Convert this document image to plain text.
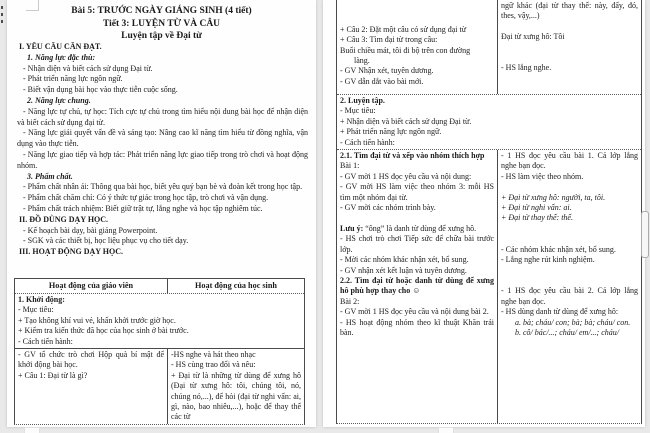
Bài 5: TRƯỚC NGÀY GIÁNG SINH (4 tiết)
Tiết 3: LUYỆN TỪ VÀ CÂU
Luyện tập về Đại từ
I. YÊU CẦU CẦN ĐẠT.
1. Năng lực đặc thù:
- Nhận diện và biết cách sử dụng Đại từ.
- Phát triển năng lực ngôn ngữ.
- Biết vận dụng bài học vào thực tiễn cuộc sống.
2. Năng lực chung.
- Năng lực tự chủ, tự học: Tích cực tự chủ trong tìm hiểu nội dung bài học để nhận diện và biết cách sử dụng đại từ.
- Năng lực giải quyết vấn đề và sáng tạo: Nâng cao kĩ năng tìm hiểu từ đồng nghĩa, vận dụng vào thực tiễn.
- Năng lực giao tiếp và hợp tác: Phát triển năng lực giao tiếp trong trò chơi và hoạt động nhóm.
3. Phẩm chất.
- Phẩm chất nhân ái: Thông qua bài học, biết yêu quý bạn bè và đoàn kết trong học tập.
- Phẩm chất chăm chỉ: Có ý thức tự giác trong học tập, trò chơi và vận dụng.
- Phẩm chất trách nhiệm: Biết giữ trật tự, lắng nghe và học tập nghiêm túc.
II. ĐỒ DÙNG DẠY HỌC.
- Kế hoạch bài dạy, bài giảng Powerpoint.
- SGK và các thiết bị, học liệu phục vụ cho tiết dạy.
III. HOẠT ĐỘNG DẠY HỌC.
Hoạt động của giáo viên	Hoạt động của học sinh
1. Khởi động:
- Mục tiêu:
+ Tạo không khí vui vẻ, khấn khởi trước giờ học.
+ Kiểm tra kiến thức đã học của học sinh ở bài trước.
- Cách tiến hành:
- GV tổ chức trò chơi Hộp quà bí mật để khởi động bài học.
+ Câu 1: Đại từ là gì?
-HS nghe và hát theo nhạc
- HS cùng trao đổi và nêu:
+ Đại từ là những từ dùng để xưng hô (Đại từ xưng hô: tôi, chúng tôi, nó, chúng nó,...), để hỏi (đại từ nghi vấn: ai, gì, nào, bao nhiêu,...), hoặc để thay thế các từ

+ Câu 2: Đặt một câu có sử dụng đại từ
+ Câu 3: Tìm đại từ trong câu:
Buổi chiều mát, tôi đi bộ trên con đường
làng.
- GV Nhận xét, tuyên dương.
- GV dẫn dắt vào bài mới.
ngữ khác (đại từ thay thế: này, đấy, đó, thes, vậy,...)

Đại từ xưng hô: Tôi

- HS lắng nghe.
2. Luyện tập.
- Mục tiêu:
+ Nhận diện và biết cách sử dụng Đại từ.
+ Phát triển năng lực ngôn ngữ.
- Cách tiến hành:
2.1. Tìm đại từ và xếp vào nhóm thích hợp
Bài 1:
- GV mời 1 HS đọc yêu cầu và nội dung:
- GV mời HS làm việc theo nhóm 3: mỗi HS tìm một nhóm đại từ.
- GV mời các nhóm trình bày.

Lưu ý: “ông” là danh từ dùng để xưng hô.
- HS chơi trò chơi Tiếp sức để chữa bài trước lớp.
- Mời các nhóm khác nhận xét, bổ sung.
- GV nhận xét kết luận và tuyên dương.
2.2. Tìm đại từ hoặc danh từ dùng để xưng hô phù hợp thay cho ☺
Bài 2:
- GV mời 1 HS đọc yêu cầu và nội dung bài 2.
- HS hoạt động nhóm theo kĩ thuật Khăn trải bàn.
- 1 HS đọc yêu cầu bài 1. Cả lớp lắng nghe bạn đọc.
- HS làm việc theo nhóm.

+ Đại từ xưng hô: người, ta, tôi.
+ Đại từ nghi vấn: ai.
+ Đại từ thay thế: thế.

- Các nhóm khác nhận xét, bổ sung.
- Lắng nghe rút kinh nghiệm.

- 1 HS đọc yêu cầu bài 2. Cả lớp lắng nghe bạn đọc.
- HS dùng danh từ dùng để xưng hô:
a. bà; cháu/ con; bà; bà; cháu/ con.
b. cô/ bác/...; cháu/ em/...; cháu/
